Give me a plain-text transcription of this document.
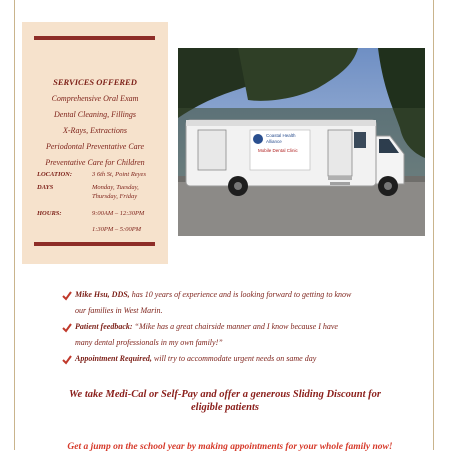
SERVICES OFFERED
Comprehensive Oral Exam
Dental Cleaning, Fillings
X-Rays, Extractions
Periodontal Preventative Care
Preventative Care for Children
LOCATION:	3 6th St, Point Reyes
DAYS	Monday, Tuesday,
Thursday, Friday
HOURS:	9:00AM – 12:30PM
1:30PM – 5:00PM
Coastal Health
Alliance
Mobile Dental Clinic
Mike Hsu, DDS, has 10 years of experience and is looking forward to getting to know
our families in West Marin.
Patient feedback: “Mike has a great chairside manner and I know because I have
many dental professionals in my own family!”
Appointment Required, will try to accommodate urgent needs on same day
We take Medi-Cal or Self-Pay and offer a generous Sliding Discount for
eligible patients
Get a jump on the school year by making appointments for your whole family now!
